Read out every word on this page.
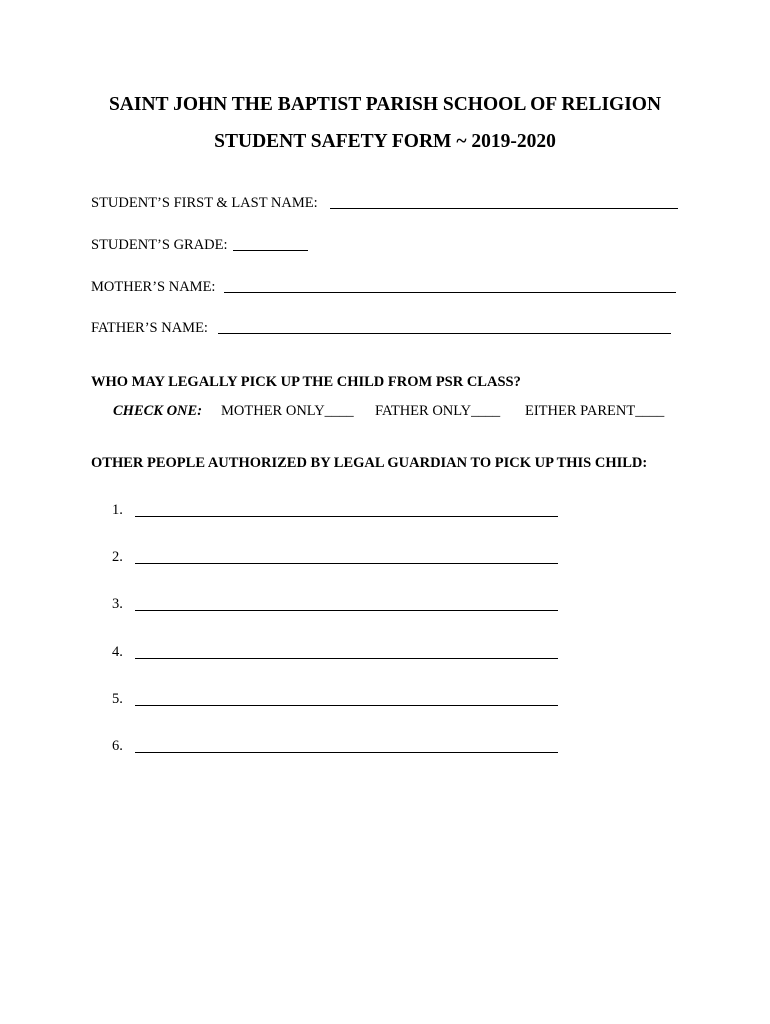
SAINT JOHN THE BAPTIST PARISH SCHOOL OF RELIGION
STUDENT SAFETY FORM ~ 2019-2020
STUDENT’S FIRST & LAST NAME:
STUDENT’S GRADE:
MOTHER’S NAME:
FATHER’S NAME:
WHO MAY LEGALLY PICK UP THE CHILD FROM PSR CLASS?
CHECK ONE: MOTHER ONLY____ FATHER ONLY____ EITHER PARENT____
OTHER PEOPLE AUTHORIZED BY LEGAL GUARDIAN TO PICK UP THIS CHILD:
1.
2.
3.
4.
5.
6.
